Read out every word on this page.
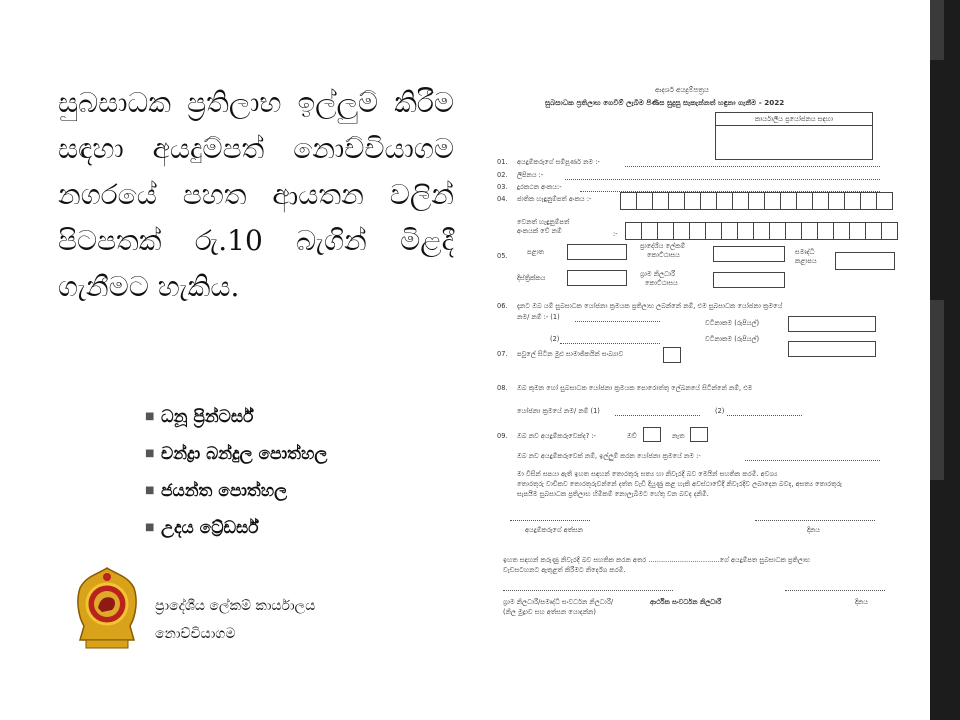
සුබසාධක ප්‍රතිලාභ ඉල්ලුම් කිරීම සඳහා අයදුම්පත් නොච්චියාගම නගරයේ පහත ආයතන වලින් පිටපතක් රු.10 බැගින් මිළදී ගැනීමට හැකිය.

■ ධනූ ප්‍රින්ටර්ස්
■ චන්ද්‍රා බන්දුල පොත්හල
■ ජයන්ත පොත්හල
■ උදය ට්‍රේඩර්ස්
ප්‍රාදේශීය ලේකම් කාර්යාලය
නොච්චියාගම
ආදර්ශ අයදුම්පත්‍රය
සුබසාධක ප්‍රතිලාභ ගෙවීම් ලැබීම පිණිස සුදුසු සැකැන්නත් හඳුනා ගැනීම - 2022
කාර්යාලීය ප්‍රයෝජනය සඳහා
01. අයදුම්කරුගේ සම්පූර්ණ නම :-
02. ලිපිනය :-
03. දුරකථන අංකය:-
04. ජාතික හැඳුනුම්පත් අංකය :-
වෙනත් හැඳුනුම්පත්
අංකයක් වේ නම්	:-
05.	පළාත
ප්‍රාදේශීය ලේකම්
කොට්ඨාසය	සමෘද්ධි
කළාපය
දිස්ත්‍රික්කය	ග්‍රාම නිලධාරී
කොට්ඨාසය
06. දැනට ඔබ යම් සුබසාධක යෝජනා ක්‍රමයක ප්‍රතිලාභ ලබන්නේ නම්, එම සුබසාධක යෝජනා ක්‍රමයේ
නම/ නම් :- (1)
(2)
වටිනාකම (රුපියල්)
වටිනාකම (රුපියල්)
07. පවුලේ සිටින මුළු සාමාජිකයින් සංඛ්‍යාව
08. ඔබ කුමන හෝ සුබසාධක යෝජනා ක්‍රමයක පොරොත්තු ලේඛනයේ සිටින්නේ නම්, එම
යෝජනා ක්‍රමයේ නම/ නම් (1)	(2)
09. ඔබ නව අයදුම්කරුවෙක්ද? :-	ඔව්	නැත
ඔබ නව අයදුම්කරුවෙක් නම්, ඉල්ලුම් කරන යෝජනා ක්‍රමයේ නම :-
මා විසින් සපයා ඇති ඉහත සඳහන් තොරතුරු සත්‍ය හා නිවැරදි බව මෙයින් සහතික කරමි. අවශ්‍ය
තොරතුරු වාචිකව තොරතුරුවන්නේ දත්ත වැඩි දියුණු කළ හැකි අවස්ථාවේදී නිවැරදිව ලබාදෙන බවද, අසත්‍ය තොරතුරු
සැපයීම සුබසාධක ප්‍රතිලාභ හිමිකම් නොලැබීමට හේතු වන බවද දනිමි.
අයදුම්කරුගේ අත්සන	දිනය
ඉහත සඳහන් කරුණු නිවැරදි බව සහතික කරන අතර ..................................ගේ අයදුම්පත සුබසාධක ප්‍රතිලාභ
වැඩසටහනට ඇතුළත් කිරීමට නිර්දේශ කරමි.
ග්‍රාම නිලධාරී/සමෘද්ධි සංවර්ධන නිලධාරී/	ආර්ථික සංවර්ධන නිලධාරී
(නිල මුද්‍රාව සහ අත්සන යොදන්න)
දිනය
